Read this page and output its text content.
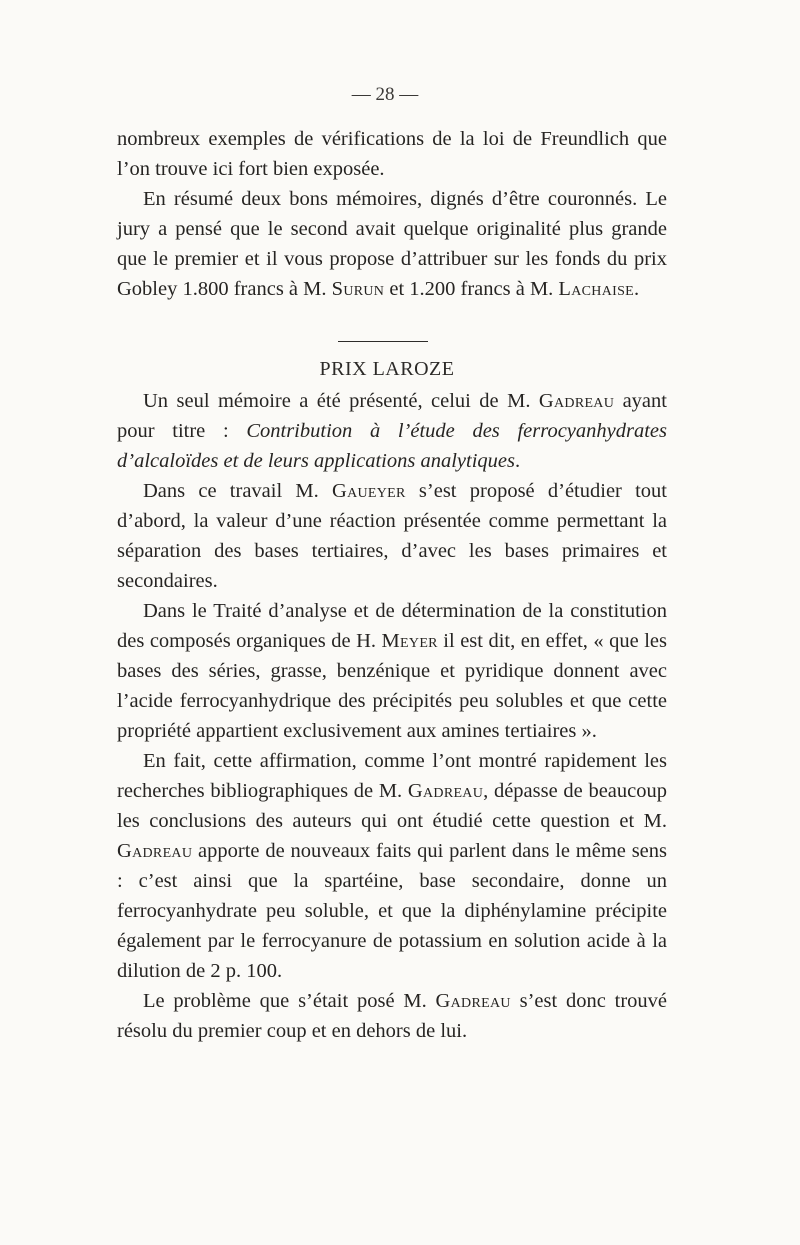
— 28 —

nombreux exemples de vérifications de la loi de Freundlich que l’on trouve ici fort bien exposée.

En résumé deux bons mémoires, dignés d’être couronnés. Le jury a pensé que le second avait quelque originalité plus grande que le premier et il vous propose d’attribuer sur les fonds du prix Gobley 1.800 francs à M. Surun et 1.200 francs à M. Lachaise.

PRIX LAROZE

Un seul mémoire a été présenté, celui de M. Gadreau ayant pour titre : Contribution à l’étude des ferrocyanhydrates d’alcaloïdes et de leurs applications analytiques.

Dans ce travail M. Gaueyer s’est proposé d’étudier tout d’abord, la valeur d’une réaction présentée comme permettant la séparation des bases tertiaires, d’avec les bases primaires et secondaires.

Dans le Traité d’analyse et de détermination de la constitution des composés organiques de H. Meyer il est dit, en effet, « que les bases des séries, grasse, benzénique et pyridique donnent avec l’acide ferrocyanhydrique des précipités peu solubles et que cette propriété appartient exclusivement aux amines tertiaires ».

En fait, cette affirmation, comme l’ont montré rapidement les recherches bibliographiques de M. Gadreau, dépasse de beaucoup les conclusions des auteurs qui ont étudié cette question et M. Gadreau apporte de nouveaux faits qui parlent dans le même sens : c’est ainsi que la spartéine, base secondaire, donne un ferrocyanhydrate peu soluble, et que la diphénylamine précipite également par le ferrocyanure de potassium en solution acide à la dilution de 2 p. 100.

Le problème que s’était posé M. Gadreau s’est donc trouvé résolu du premier coup et en dehors de lui.
